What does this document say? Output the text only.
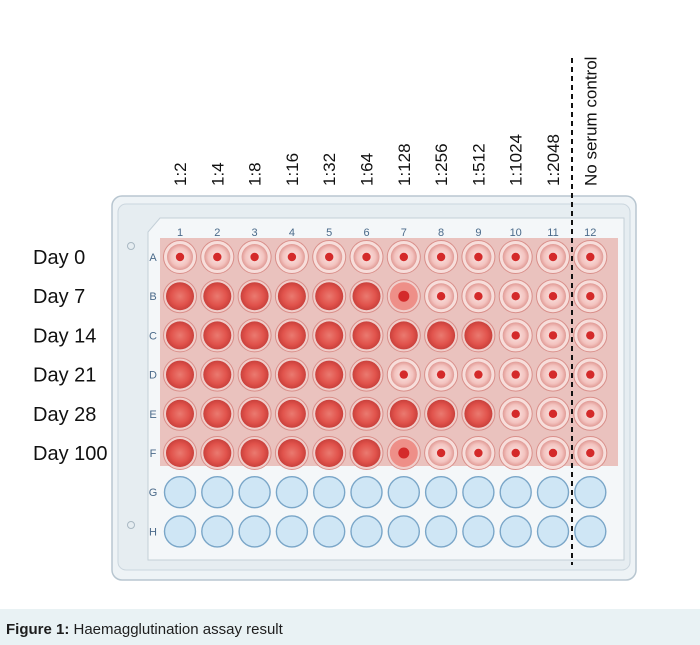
1	2	3	4	5	6	7	8	9	10 11 12
A
B
C
D
E
F
G
H
1:2 1:4 1:8 1:16 1:32 1:64 1:128 1:256 1:512 1:1024 1:2048 No serum control
Day 0
Day 7
Day 14
Day 21
Day 28
Day 100
Figure 1: Haemagglutination assay result
